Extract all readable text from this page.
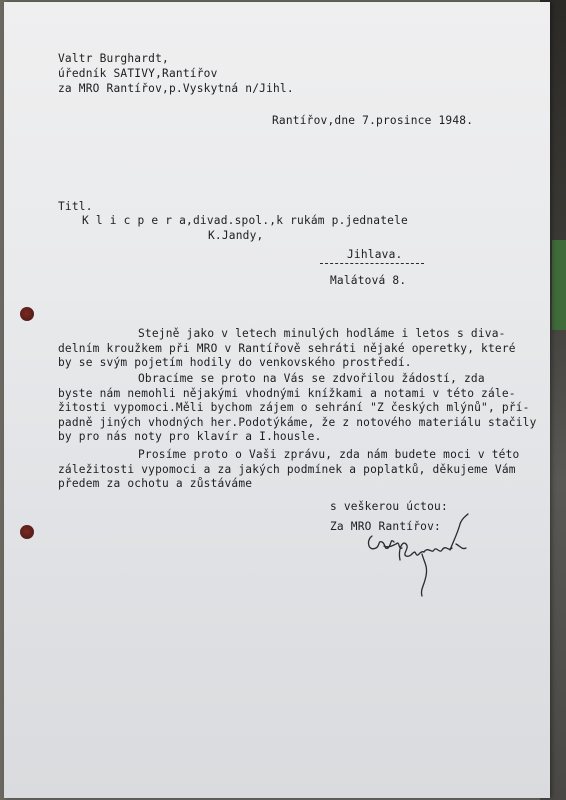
Valtr Burghardt,

úředník SATIVY,Rantířov

za MRO Rantířov,p.Vyskytná n/Jihl.

Rantířov,dne 7.prosince 1948.

Titl.

K l i c p e r a,divad.spol.,k rukám p.jednatele

K.Jandy,

Jihlava.

Malátová 8.

Stejně jako v letech minulých hodláme i letos s diva-
delním kroužkem při MRO v Rantířově sehráti nějaké operetky, které
by se svým pojetím hodily do venkovského prostředí.
Obracíme se proto na Vás se zdvořilou žádostí, zda
byste nám nemohli nějakými vhodnými knížkami a notami v této zále-
žitosti vypomoci.Měli bychom zájem o sehrání "Z českých mlýnů", pří-
padně jiných vhodných her.Podotýkáme, že z notového materiálu stačily
by pro nás noty pro klavír a I.housle.
Prosíme proto o Vaši zprávu, zda nám budete moci v této
záležitosti vypomoci a za jakých podmínek a poplatků, děkujeme Vám
předem za ochotu a zůstáváme

s veškerou úctou:

Za MRO Rantířov:
